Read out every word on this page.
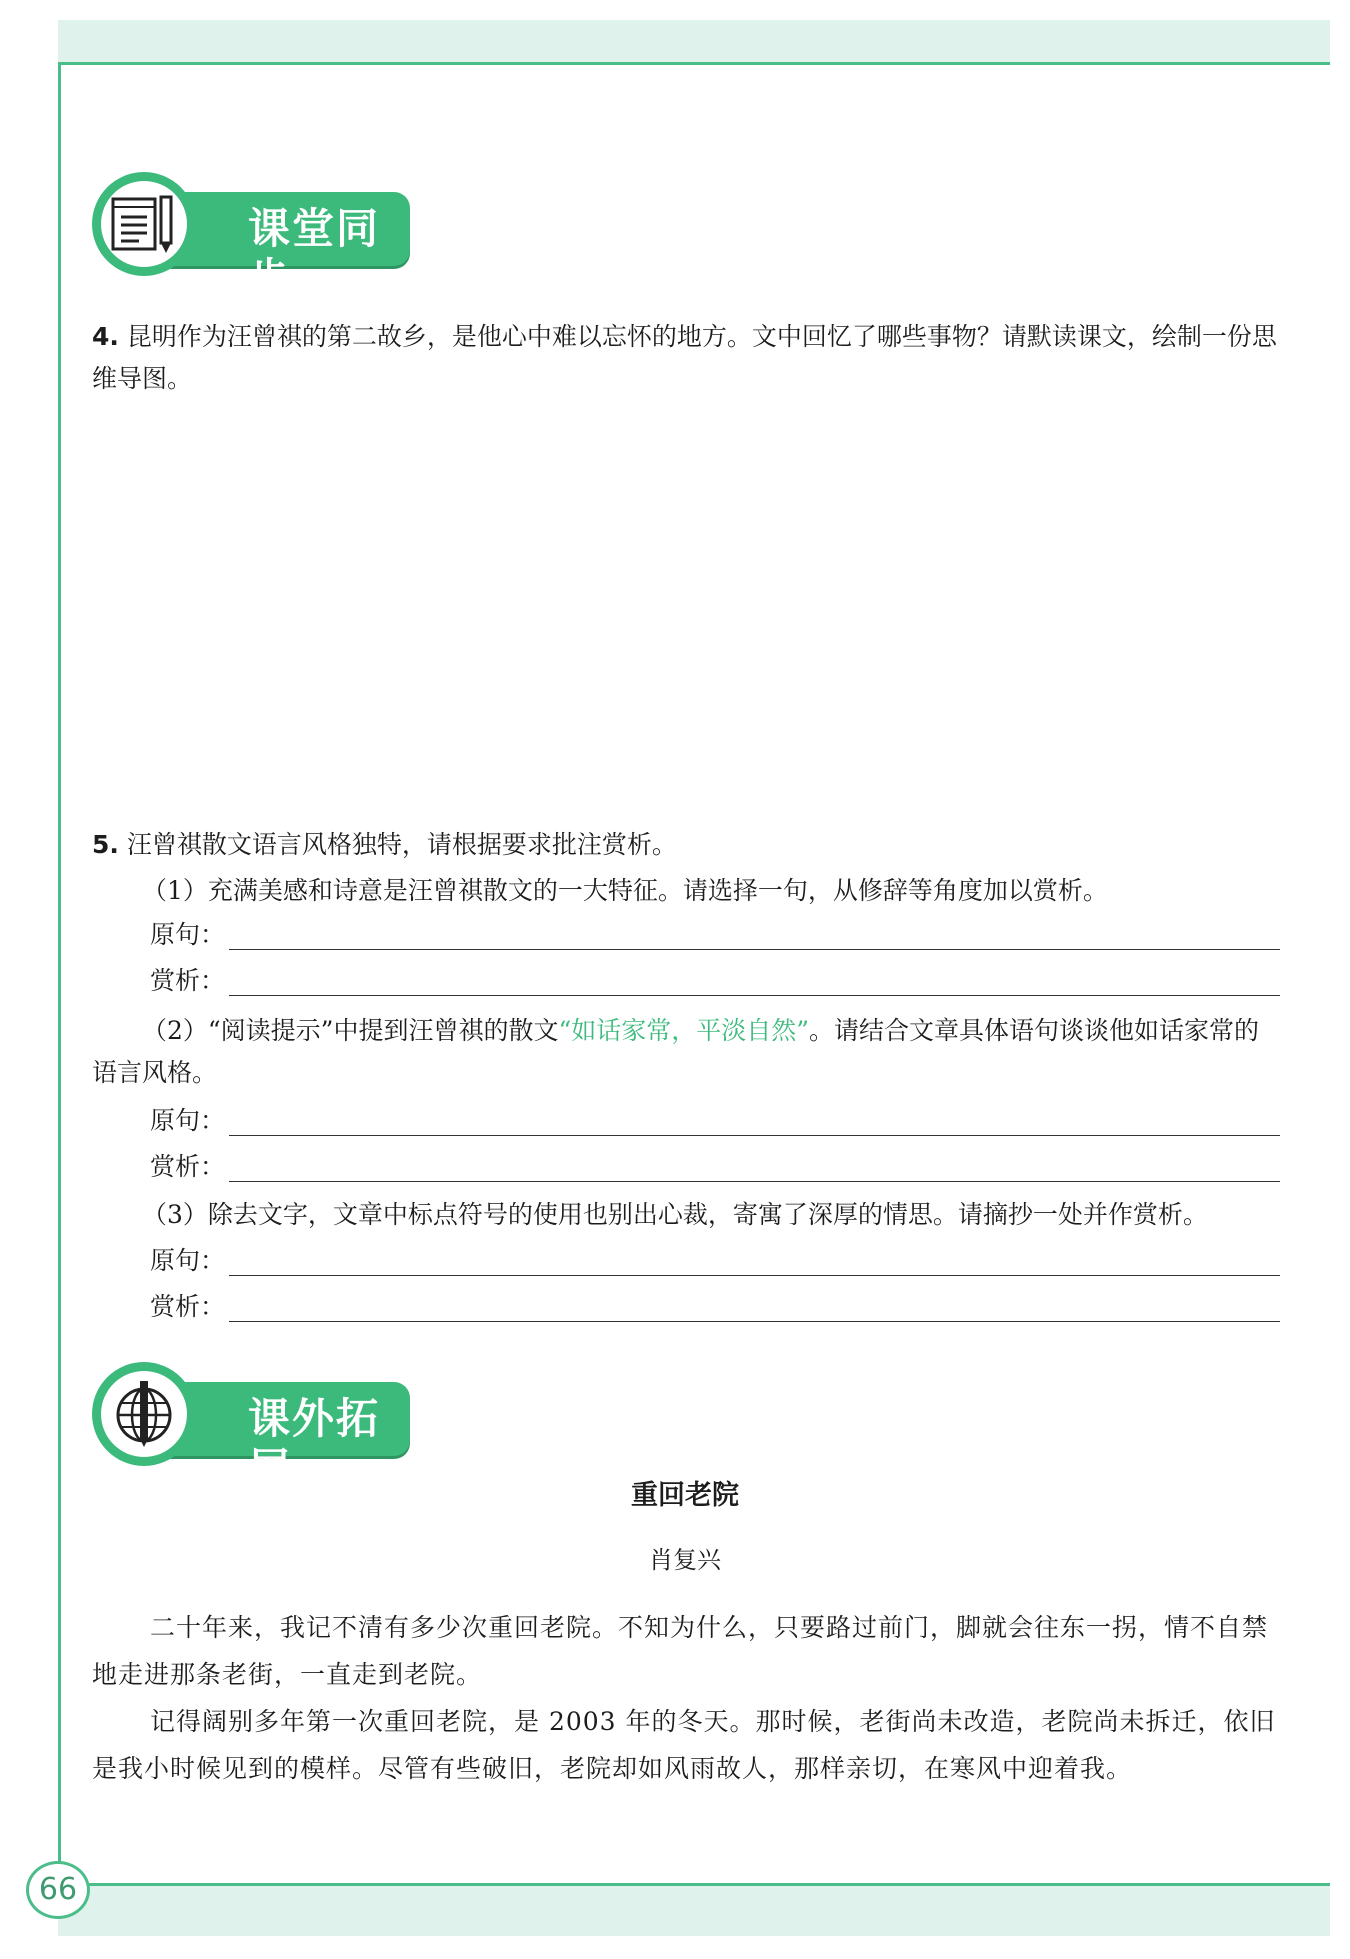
66
课堂同步

4. 昆明作为汪曾祺的第二故乡，是他心中难以忘怀的地方。文中回忆了哪些事物？请默读课文，绘制一份思维导图。

5. 汪曾祺散文语言风格独特，请根据要求批注赏析。

（1）充满美感和诗意是汪曾祺散文的一大特征。请选择一句，从修辞等角度加以赏析。

原句：
赏析：

（2）“阅读提示”中提到汪曾祺的散文“如话家常，平淡自然”。请结合文章具体语句谈谈他如话家常的语言风格。

原句：
赏析：

（3）除去文字，文章中标点符号的使用也别出心裁，寄寓了深厚的情思。请摘抄一处并作赏析。

原句：
赏析：
课外拓展
重回老院
肖复兴

二十年来，我记不清有多少次重回老院。不知为什么，只要路过前门，脚就会往东一拐，情不自禁地走进那条老街，一直走到老院。

记得阔别多年第一次重回老院，是 2003 年的冬天。那时候，老街尚未改造，老院尚未拆迁，依旧是我小时候见到的模样。尽管有些破旧，老院却如风雨故人，那样亲切，在寒风中迎着我。
